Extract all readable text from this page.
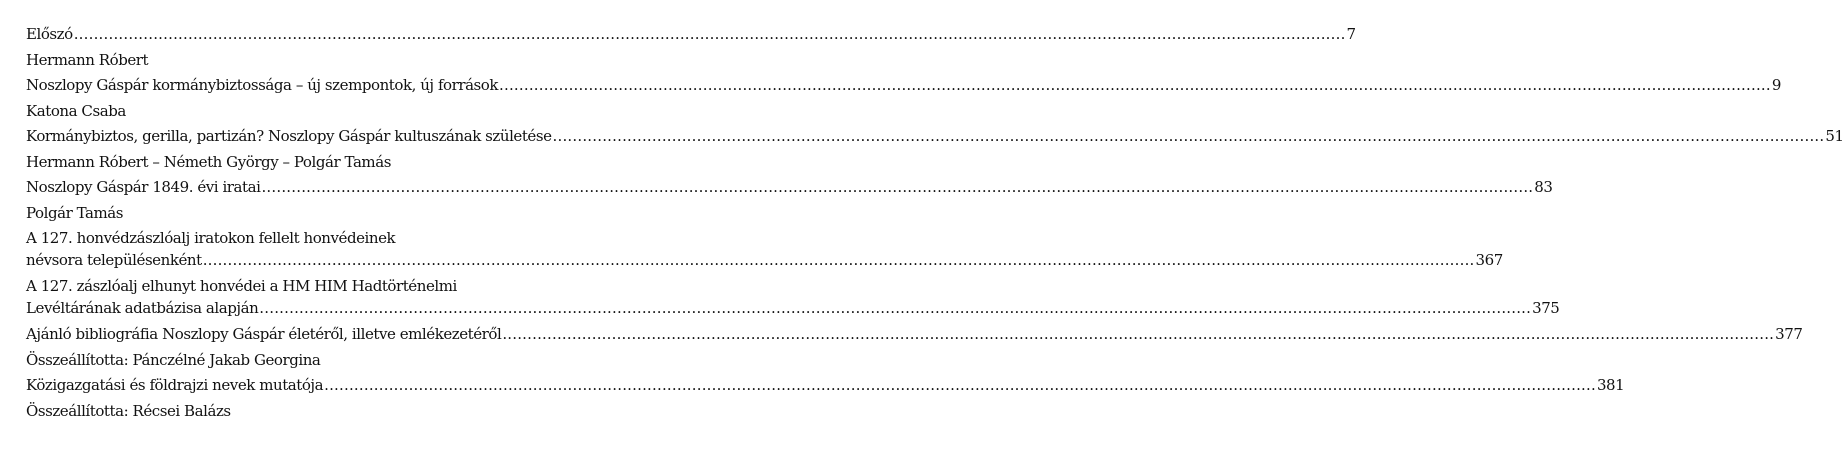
Előszó .....	7
Hermann Róbert
Noszlopy Gáspár kormánybiztossága – új szempontok, új források .....	9
Katona Csaba
Kormánybiztos, gerilla, partizán? Noszlopy Gáspár kultuszának születése .....	51
Hermann Róbert – Németh György – Polgár Tamás
Noszlopy Gáspár 1849. évi iratai .....	83
Polgár Tamás
A 127. honvédzászlóalj iratokon fellelt honvédeinek
névsora településenként .....	367
A 127. zászlóalj elhunyt honvédei a HM HIM Hadtörténelmi
Levéltárának adatbázisa alapján .....	375
Ajánló bibliográfia Noszlopy Gáspár életéről, illetve emlékezetéről .....	377
Összeállította: Pánczélné Jakab Georgina
Közigazgatási és földrajzi nevek mutatója .....	381
Összeállította: Récsei Balázs
